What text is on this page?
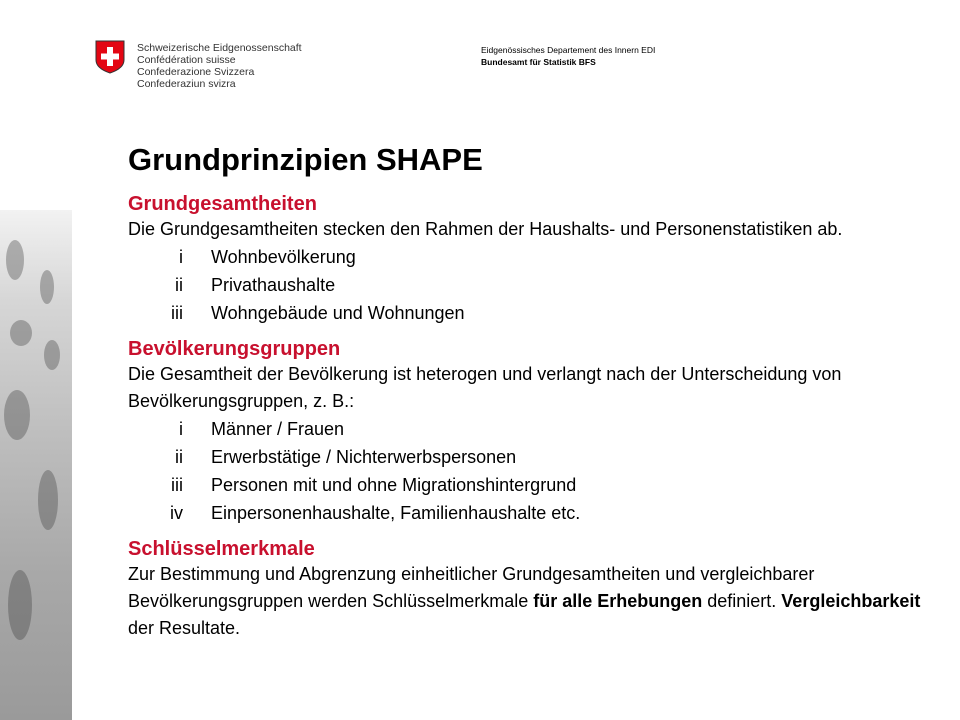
Schweizerische Eidgenossenschaft
Confédération suisse
Confederazione Svizzera
Confederaziun svizra
Eidgenössisches Departement des Innern EDI
Bundesamt für Statistik BFS
Grundprinzipien SHAPE
Grundgesamtheiten
Die Grundgesamtheiten stecken den Rahmen der Haushalts- und Personenstatistiken ab.
i	Wohnbevölkerung
ii	Privathaushalte
iii	Wohngebäude und Wohnungen
Bevölkerungsgruppen
Die Gesamtheit der Bevölkerung ist heterogen und verlangt nach der Unterscheidung von Bevölkerungsgruppen, z. B.:
i	Männer / Frauen
ii	Erwerbstätige / Nichterwerbspersonen
iii	Personen mit und ohne Migrationshintergrund
iv	Einpersonenhaushalte, Familienhaushalte etc.
Schlüsselmerkmale
Zur Bestimmung und Abgrenzung einheitlicher Grundgesamtheiten und vergleichbarer Bevölkerungsgruppen werden Schlüsselmerkmale für alle Erhebungen definiert. Vergleichbarkeit der Resultate.
